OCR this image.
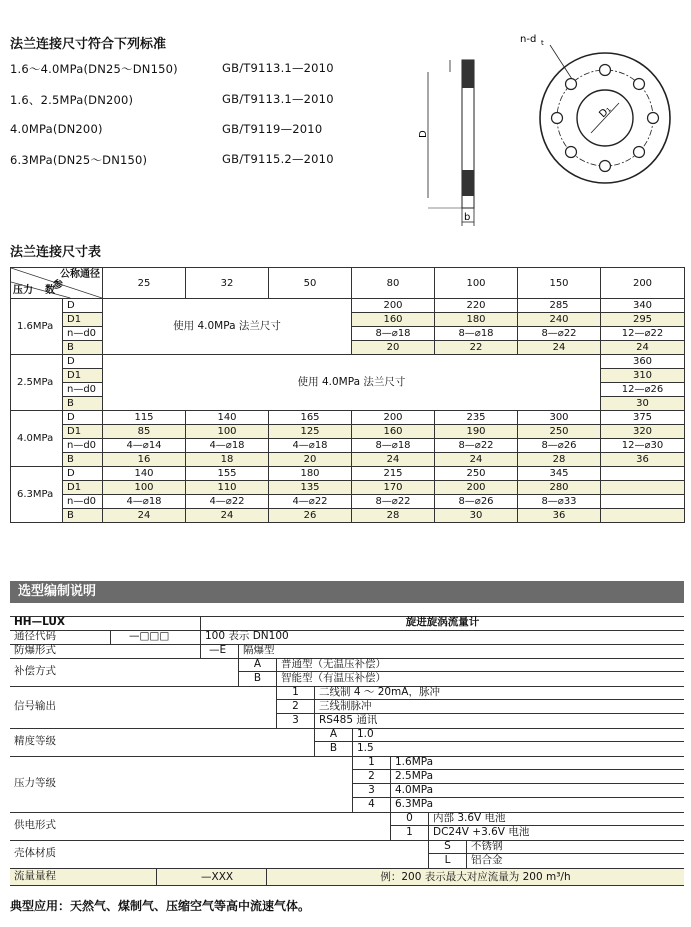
法兰连接尺寸符合下列标准
1.6～4.0MPa(DN25～DN150)	GB/T9113.1—2010
1.6、2.5MPa(DN200)	GB/T9113.1—2010
4.0MPa(DN200)	GB/T9119—2010
6.3MPa(DN25～DN150)	GB/T9115.2—2010
n-d t
D
D₁
b
法兰连接尺寸表
公称通径
参
压力 数		25	32	50	80	100	150	200
1.6MPa	D	使用 4.0MPa 法兰尺寸			200	220	285	340
	D1				160	180	240	295
	n—d0				8—⌀18	8—⌀18	8—⌀22	12—⌀22
	B				20	22	24	24
2.5MPa	D	使用 4.0MPa 法兰尺寸						360
	D1							310
	n—d0							12—⌀26
	B							30
4.0MPa	D	115	140	165	200	235	300	375
	D1	85	100	125	160	190	250	320
	n—d0	4—⌀14	4—⌀18	4—⌀18	8—⌀18	8—⌀22	8—⌀26	12—⌀30
	B	16	18	20	24	24	28	36
6.3MPa	D	140	155	180	215	250	345	
	D1	100	110	135	170	200	280	
	n—d0	4—⌀18	4—⌀22	4—⌀22	8—⌀22	8—⌀26	8—⌀33	
	B	24	24	26	28	30	36	
选型编制说明
HH—LUX	旋进旋涡流量计
通径代码	—□□□	100 表示 DN100
防爆形式	—E	隔爆型
补偿方式
A	普通型（无温压补偿）
B	智能型（有温压补偿）
信号输出
1	二线制 4 ～ 20mA，脉冲
2	三线制脉冲
3	RS485 通讯
精度等级
A	1.0
B	1.5
压力等级
1	1.6MPa
2	2.5MPa
3	4.0MPa
4	6.3MPa
供电形式
0	内部 3.6V 电池
1	DC24V +3.6V 电池
壳体材质
S	不锈钢
L	铝合金
流量量程	—XXX	例：200 表示最大对应流量为 200 m³/h
典型应用：天然气、煤制气、压缩空气等高中流速气体。
